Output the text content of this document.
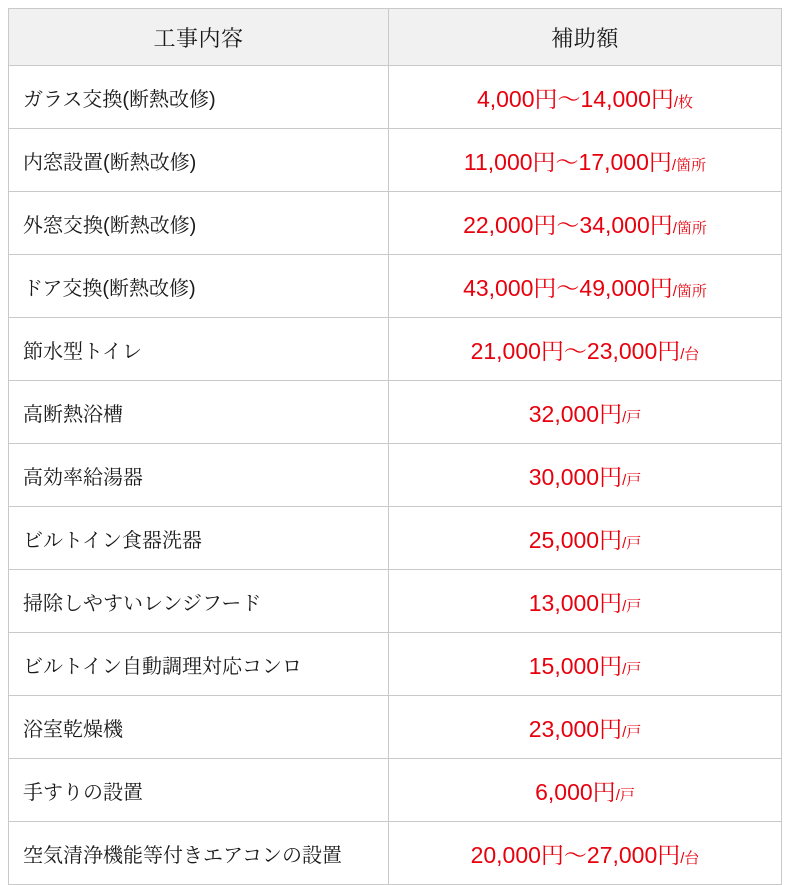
工事内容	補助額
ガラス交換(断熱改修)	4,000円～14,000円/枚
内窓設置(断熱改修)	11,000円～17,000円/箇所
外窓交換(断熱改修)	22,000円～34,000円/箇所
ドア交換(断熱改修)	43,000円～49,000円/箇所
節水型トイレ	21,000円～23,000円/台
高断熱浴槽	32,000円/戸
高効率給湯器	30,000円/戸
ビルトイン食器洗器	25,000円/戸
掃除しやすいレンジフード	13,000円/戸
ビルトイン自動調理対応コンロ	15,000円/戸
浴室乾燥機	23,000円/戸
手すりの設置	6,000円/戸
空気清浄機能等付きエアコンの設置	20,000円～27,000円/台
